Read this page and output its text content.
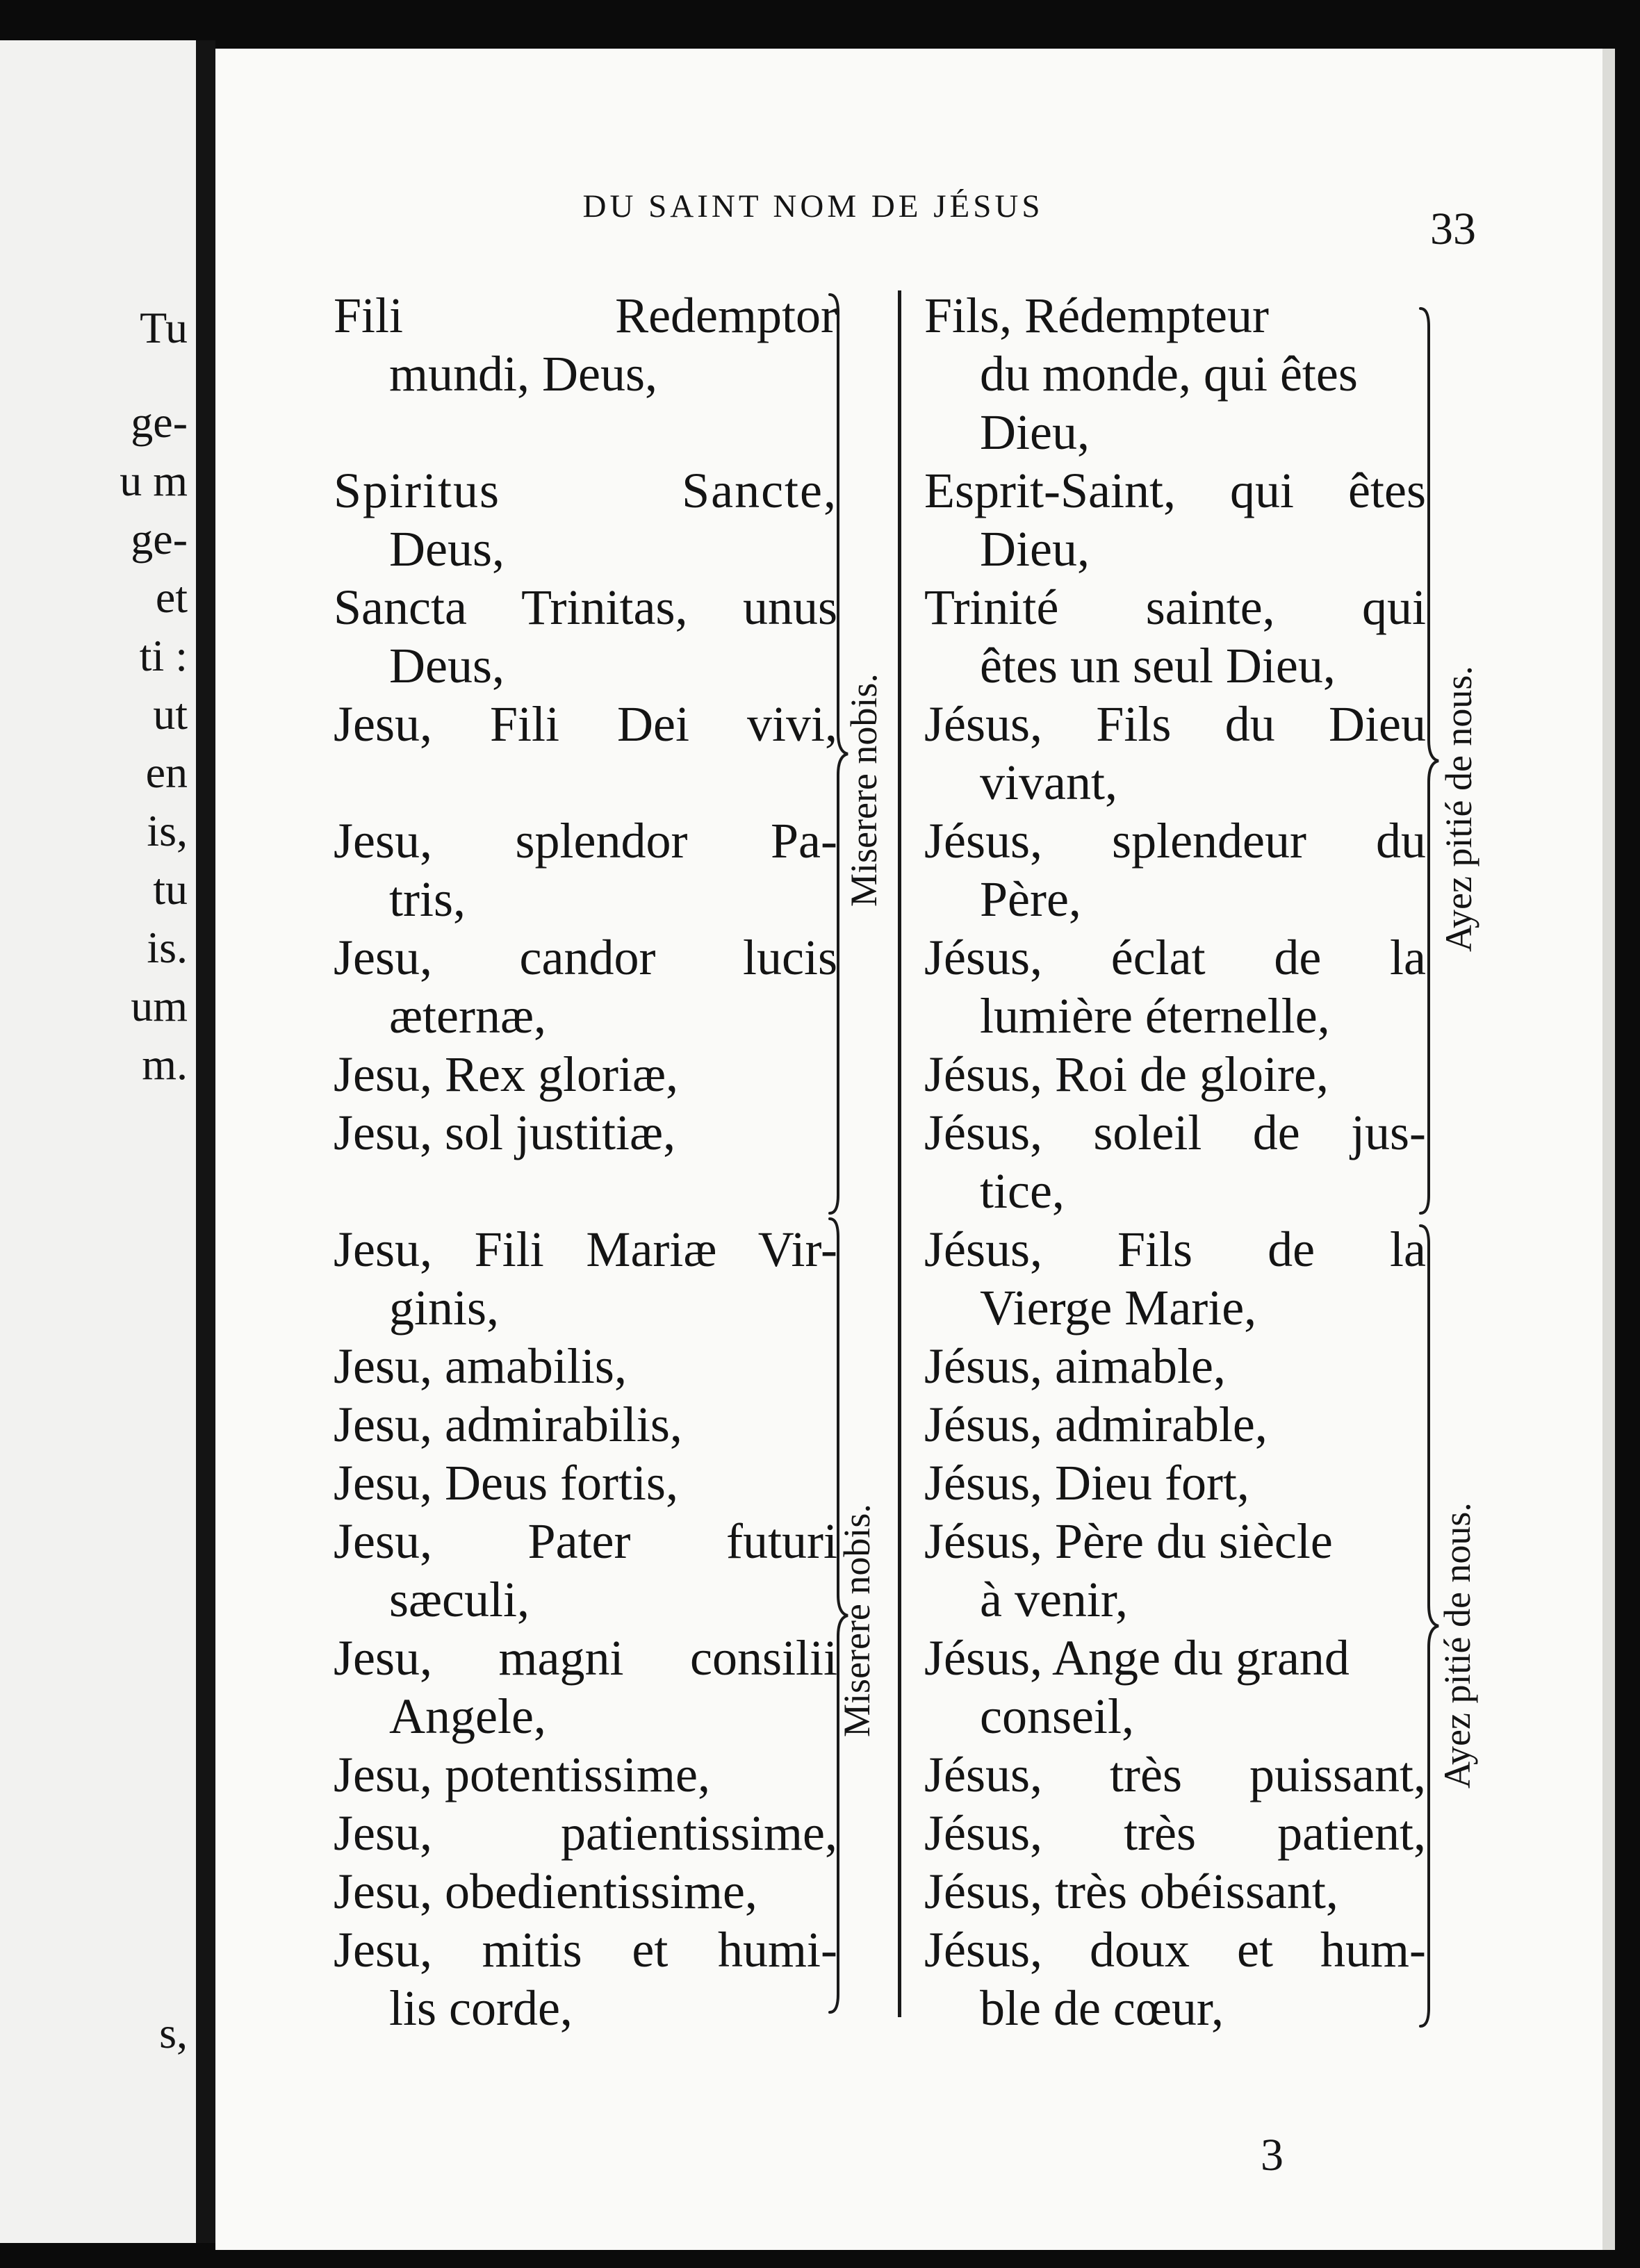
Tu

ge-

u m

ge-

et

ti :

ut

en

is,

tu

is.

um

m.

s,

DU SAINT NOM DE JÉSUS	33

Fili Redemptor

mundi, Deus,

Spiritus Sancte,

Deus,

Sancta Trinitas, unus

Deus,

Jesu, Fili Dei vivi,

Jesu, splendor Pa-

tris,

Jesu, candor lucis

æternæ,

Jesu, Rex gloriæ,

Jesu, sol justitiæ,

Jesu, Fili Mariæ Vir-

ginis,

Jesu, amabilis,

Jesu, admirabilis,

Jesu, Deus fortis,

Jesu, Pater futuri

sæculi,

Jesu, magni consilii

Angele,

Jesu, potentissime,

Jesu, patientissime,

Jesu, obedientissime,

Jesu, mitis et humi-

lis corde,

Miserere nobis.

Miserere nobis.

Fils, Rédempteur

du monde, qui êtes

Dieu,

Esprit-Saint, qui êtes

Dieu,

Trinité sainte, qui

êtes un seul Dieu,

Jésus, Fils du Dieu

vivant,

Jésus, splendeur du

Père,

Jésus, éclat de la

lumière éternelle,

Jésus, Roi de gloire,

Jésus, soleil de jus-

tice,

Jésus, Fils de la

Vierge Marie,

Jésus, aimable,

Jésus, admirable,

Jésus, Dieu fort,

Jésus, Père du siècle

à venir,

Jésus, Ange du grand

conseil,

Jésus, très puissant,

Jésus, très patient,

Jésus, très obéissant,

Jésus, doux et hum-

ble de cœur,

Ayez pitié de nous.

Ayez pitié de nous.

3
